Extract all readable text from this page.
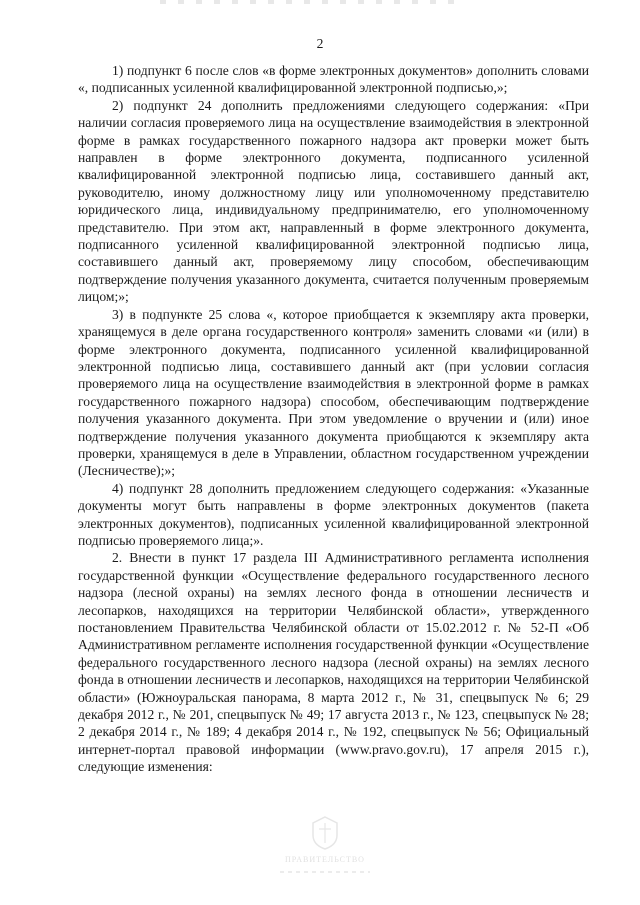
2

1) подпункт 6 после слов «в форме электронных документов» дополнить словами «, подписанных усиленной квалифицированной электронной подписью,»;

2) подпункт 24 дополнить предложениями следующего содержания: «При наличии согласия проверяемого лица на осуществление взаимодействия в электронной форме в рамках государственного пожарного надзора акт проверки может быть направлен в форме электронного документа, подписанного усиленной квалифицированной электронной подписью лица, составившего данный акт, руководителю, иному должностному лицу или уполномоченному представителю юридического лица, индивидуальному предпринимателю, его уполномоченному представителю. При этом акт, направленный в форме электронного документа, подписанного усиленной квалифицированной электронной подписью лица, составившего данный акт, проверяемому лицу способом, обеспечивающим подтверждение получения указанного документа, считается полученным проверяемым лицом;»;

3) в подпункте 25 слова «, которое приобщается к экземпляру акта проверки, хранящемуся в деле органа государственного контроля» заменить словами «и (или) в форме электронного документа, подписанного усиленной квалифицированной электронной подписью лица, составившего данный акт (при условии согласия проверяемого лица на осуществление взаимодействия в электронной форме в рамках государственного пожарного надзора) способом, обеспечивающим подтверждение получения указанного документа. При этом уведомление о вручении и (или) иное подтверждение получения указанного документа приобщаются к экземпляру акта проверки, хранящемуся в деле в Управлении, областном государственном учреждении (Лесничестве);»;

4) подпункт 28 дополнить предложением следующего содержания: «Указанные документы могут быть направлены в форме электронных документов (пакета электронных документов), подписанных усиленной квалифицированной электронной подписью проверяемого лица;».

2. Внести в пункт 17 раздела III Административного регламента исполнения государственной функции «Осуществление федерального государственного лесного надзора (лесной охраны) на землях лесного фонда в отношении лесничеств и лесопарков, находящихся на территории Челябинской области», утвержденного постановлением Правительства Челябинской области от 15.02.2012 г. № 52-П «Об Административном регламенте исполнения государственной функции «Осуществление федерального государственного лесного надзора (лесной охраны) на землях лесного фонда в отношении лесничеств и лесопарков, находящихся на территории Челябинской области» (Южноуральская панорама, 8 марта 2012 г., № 31, спецвыпуск № 6; 29 декабря 2012 г., № 201, спецвыпуск № 49; 17 августа 2013 г., № 123, спецвыпуск № 28; 2 декабря 2014 г., № 189; 4 декабря 2014 г., № 192, спецвыпуск № 56; Официальный интернет-портал правовой информации (www.pravo.gov.ru), 17 апреля 2015 г.), следующие изменения:

ПРАВИТЕЛЬСТВО
